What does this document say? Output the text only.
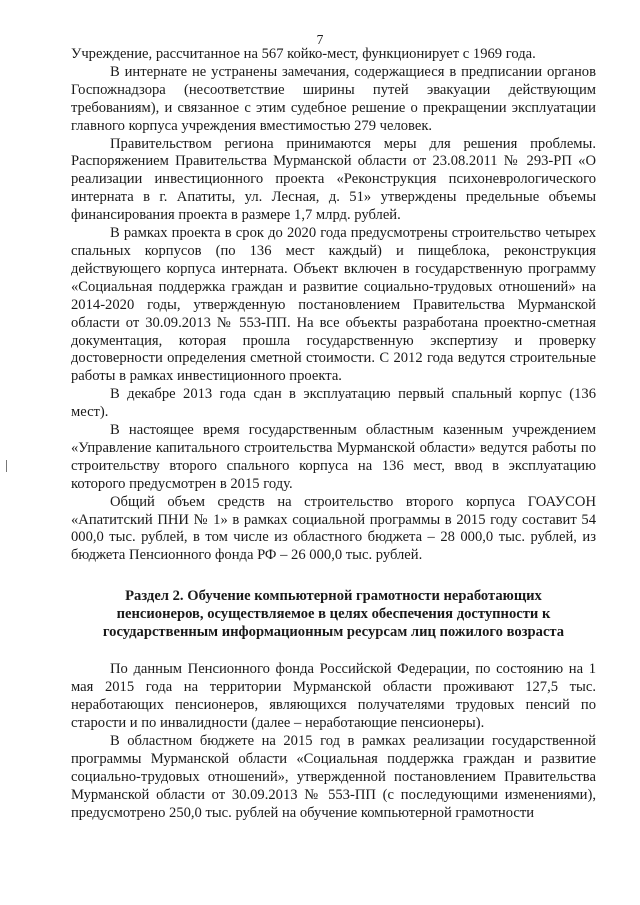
7

Учреждение, рассчитанное на 567 койко-мест, функционирует с 1969 года.

В интернате не устранены замечания, содержащиеся в предписании органов Госпожнадзора (несоответствие ширины путей эвакуации действующим требованиям), и связанное с этим судебное решение о прекращении эксплуатации главного корпуса учреждения вместимостью 279 человек.

Правительством региона принимаются меры для решения проблемы. Распоряжением Правительства Мурманской области от 23.08.2011 № 293-РП «О реализации инвестиционного проекта «Реконструкция психоневрологического интерната в г. Апатиты, ул. Лесная, д. 51» утверждены предельные объемы финансирования проекта в размере 1,7 млрд. рублей.

В рамках проекта в срок до 2020 года предусмотрены строительство четырех спальных корпусов (по 136 мест каждый) и пищеблока, реконструкция действующего корпуса интерната. Объект включен в государственную программу «Социальная поддержка граждан и развитие социально-трудовых отношений» на 2014-2020 годы, утвержденную постановлением Правительства Мурманской области от 30.09.2013 № 553-ПП. На все объекты разработана проектно-сметная документация, которая прошла государственную экспертизу и проверку достоверности определения сметной стоимости. С 2012 года ведутся строительные работы в рамках инвестиционного проекта.

В декабре 2013 года сдан в эксплуатацию первый спальный корпус (136 мест).

В настоящее время государственным областным казенным учреждением «Управление капитального строительства Мурманской области» ведутся работы по строительству второго спального корпуса на 136 мест, ввод в эксплуатацию которого предусмотрен в 2015 году.

Общий объем средств на строительство второго корпуса ГОАУСОН «Апатитский ПНИ № 1» в рамках социальной программы в 2015 году составит 54 000,0 тыс. рублей, в том числе из областного бюджета – 28 000,0 тыс. рублей, из бюджета Пенсионного фонда РФ – 26 000,0 тыс. рублей.

Раздел 2. Обучение компьютерной грамотности неработающих пенсионеров, осуществляемое в целях обеспечения доступности к государственным информационным ресурсам лиц пожилого возраста

По данным Пенсионного фонда Российской Федерации, по состоянию на 1 мая 2015 года на территории Мурманской области проживают 127,5 тыс. неработающих пенсионеров, являющихся получателями трудовых пенсий по старости и по инвалидности (далее – неработающие пенсионеры).

В областном бюджете на 2015 год в рамках реализации государственной программы Мурманской области «Социальная поддержка граждан и развитие социально-трудовых отношений», утвержденной постановлением Правительства Мурманской области от 30.09.2013 № 553-ПП (с последующими изменениями), предусмотрено 250,0 тыс. рублей на обучение компьютерной грамотности
